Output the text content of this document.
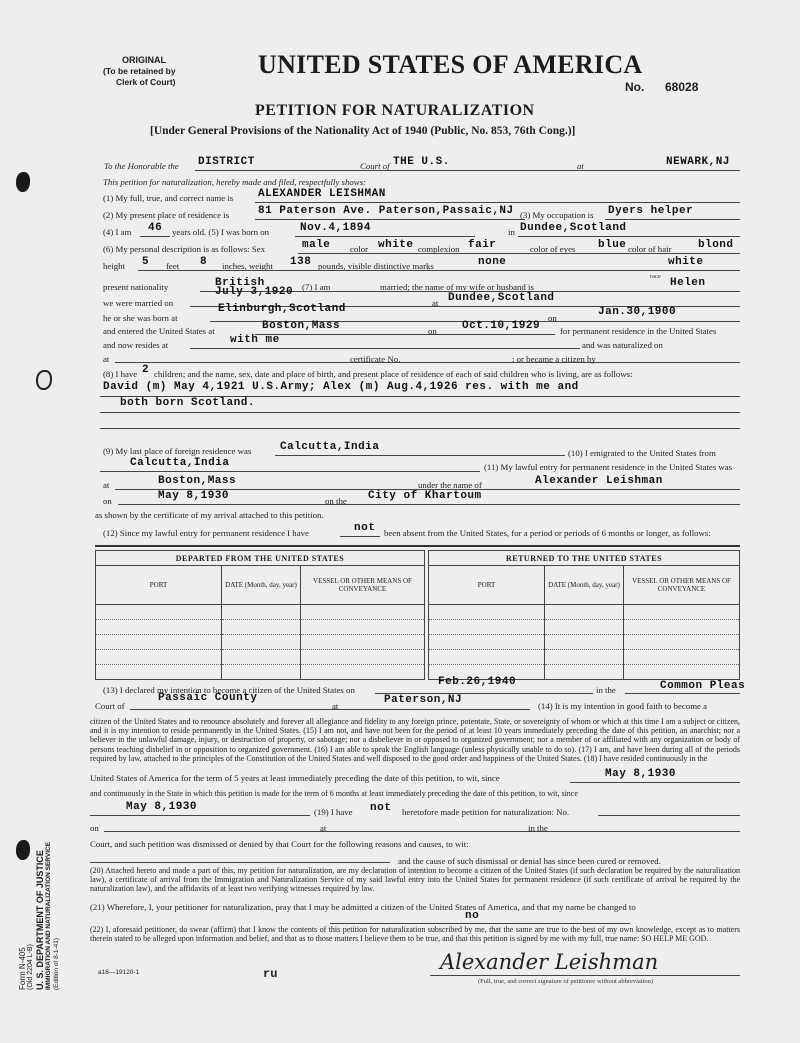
ORIGINAL
(To be retained by
Clerk of Court)
UNITED STATES OF AMERICA
No. 68028
PETITION FOR NATURALIZATION
[Under General Provisions of the Nationality Act of 1940 (Public, No. 853, 76th Cong.)]
To the Honorable the DISTRICT	Court of THE U.S.	at	NEWARK,NJ
This petition for naturalization, hereby made and filed, respectfully shows:
(1) My full, true, and correct name is ALEXANDER LEISHMAN
(2) My present place of residence is	81 Paterson Ave. Paterson,Passaic,NJ (3) My occupation is Dyers helper
(4) I am 46 years old. (5) I was born on	Nov.4,1894	in Dundee,Scotland
(6) My personal description is as follows: Sex	male color white complexion fair	color of eyes blue color of hair blond
height 5 feet 8 inches, weight 138 pounds, visible distinctive marks	none	white
race
present nationality	British	(7) I am	married; the name of my wife or husband is	Helen
we were married on
July 3,1920
at Dundee,Scotland
he or she was born at
Elinburgh,Scotland
on	Jan.30,1900
and entered the United States at	Boston,Mass	on Oct.10,1929 for permanent residence in the United States
and now resides at	with me	and was naturalized on
at	certificate No.	; or became a citizen by
(8) I have 2 children; and the name, sex, date and place of birth, and present place of residence of each of said children who is living, are as follows:
David (m) May 4,1921 U.S.Army; Alex (m) Aug.4,1926 res. with me and
both born Scotland.
(9) My last place of foreign residence was	Calcutta,India	(10) I emigrated to the United States from
Calcutta,India	(11) My lawful entry for permanent residence in the United States was
at	Boston,Mass	under the name of	Alexander Leishman
on	May 8,1930	on the City of Khartoum
as shown by the certificate of my arrival attached to this petition.
(12) Since my lawful entry for permanent residence I have	not been absent from the United States, for a period or periods of 6 months or longer, as follows:
DEPARTED FROM THE UNITED STATES		
PORT	DATE (Month, day, year)	VESSEL OR OTHER MEANS OF CONVEYANCE

RETURNED TO THE UNITED STATES		
PORT	DATE (Month, day, year)	VESSEL OR OTHER MEANS OF CONVEYANCE

(13) I declared my intention to become a citizen of the United States on
Feb.26,1940
in the	Common Pleas
Court of
Passaic County
at	Paterson,NJ	(14) It is my intention in good faith to become a
citizen of the United States and to renounce absolutely and forever all allegiance and fidelity to any foreign prince, potentate, State, or sovereignty of whom or which at this time I am a subject or citizen, and it is my intention to reside permanently in the United States. (15) I am not, and have not been for the period of at least 10 years immediately preceding the date of this petition, an anarchist; nor a believer in the unlawful damage, injury, or destruction of property, or sabotage; nor a disbeliever in or opposed to organized government; nor a member of or affiliated with any organization or body of persons teaching disbelief in or opposition to organized government. (16) I am able to speak the English language (unless physically unable to do so). (17) I am, and have been during all of the periods required by law, attached to the principles of the Constitution of the United States and well disposed to the good order and happiness of the United States. (18) I have resided continuously in the
United States of America for the term of 5 years at least immediately preceding the date of this petition, to wit, since	May 8,1930
and continuously in the State in which this petition is made for the term of 6 months at least immediately preceding the date of this petition, to wit, since
May 8,1930	(19) I have not heretofore made petition for naturalization: No.
on	at	in the
Court, and such petition was dismissed or denied by that Court for the following reasons and causes, to wit:
and the cause of such dismissal or denial has since been cured or removed.
(20) Attached hereto and made a part of this, my petition for naturalization, are my declaration of intention to become a citizen of the United States (if such declaration be required by the naturalization law), a certificate of arrival from the Immigration and Naturalization Service of my said lawful entry into the United States for permanent residence (if such certificate of arrival be required by the naturalization law), and the affidavits of at least two verifying witnesses required by law.
(21) Wherefore, I, your petitioner for naturalization, pray that I may be admitted a citizen of the United States of America, and that my name be changed to
no
(22) I, aforesaid petitioner, do swear (affirm) that I know the contents of this petition for naturalization subscribed by me, that the same are true to the best of my own knowledge, except as to matters therein stated to be alleged upon information and belief, and that as to those matters I believe them to be true, and that this petition is signed by me with my full, true name: SO HELP ME GOD.
Alexander Leishman
(Full, true, and correct signature of petitioner without abbreviation)
a16—19120-1	ru
Form N-405 (Old 2204 L-B) U. S. DEPARTMENT OF JUSTICE IMMIGRATION AND NATURALIZATION SERVICE (Edition of 8-1-41)
